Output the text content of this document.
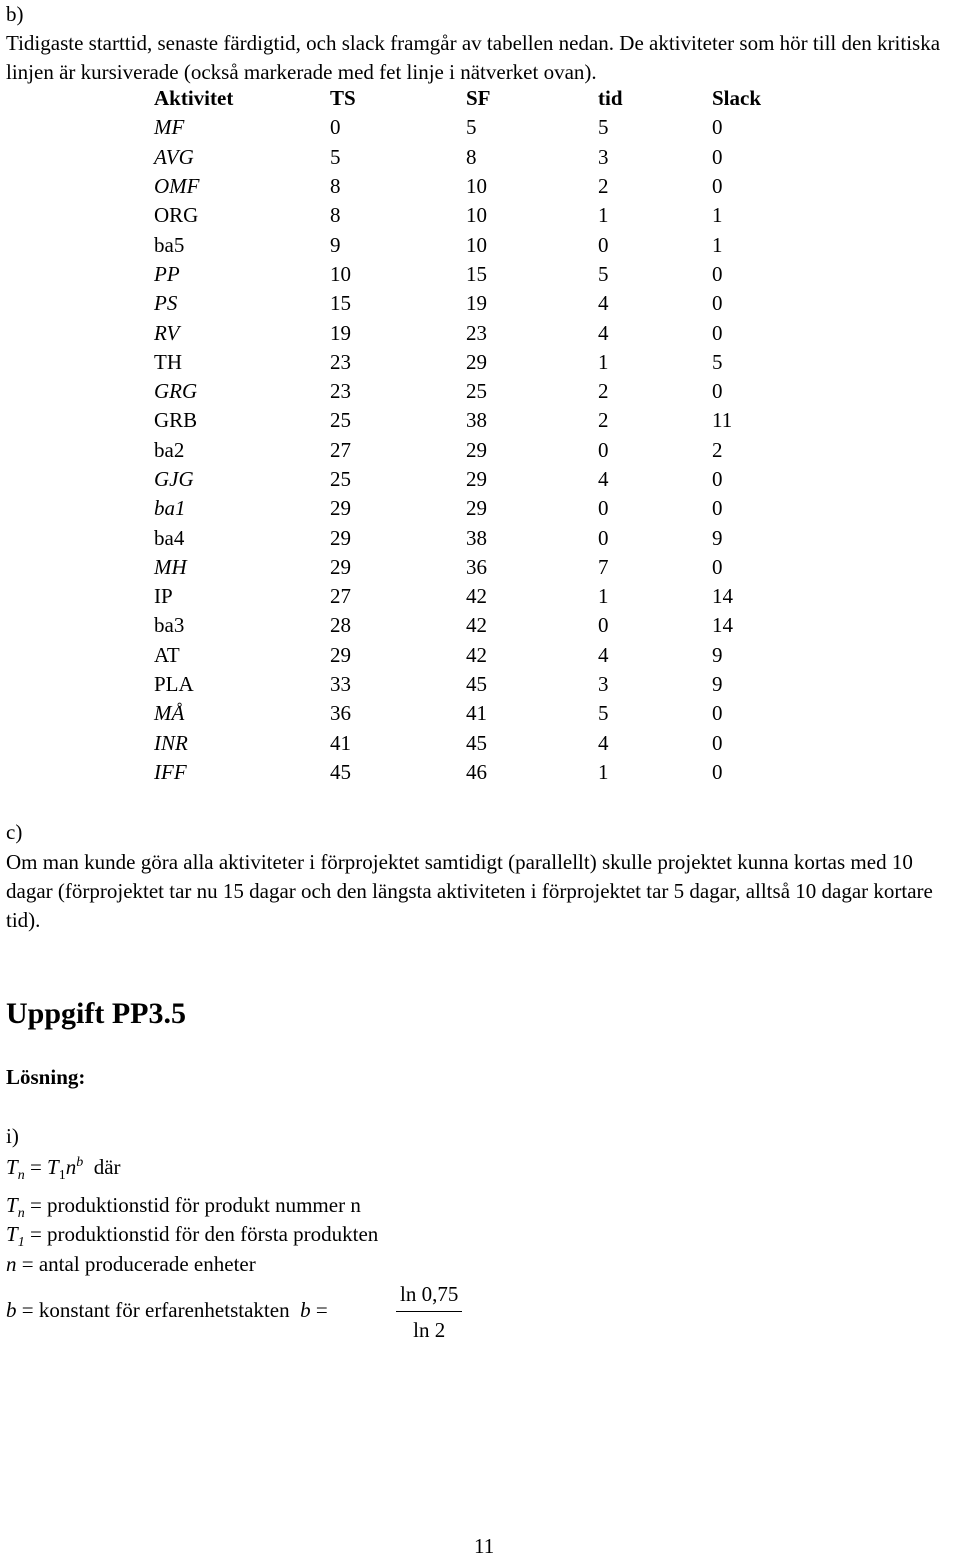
b)
Tidigaste starttid, senaste färdigtid, och slack framgår av tabellen nedan. De aktiviteter som hör till den kritiska linjen är kursiverade (också markerade med fet linje i nätverket ovan).
Aktivitet	TS	SF	tid	Slack
MF	0	5	5	0
AVG	5	8	3	0
OMF	8	10	2	0
ORG	8	10	1	1
ba5	9	10	0	1
PP	10	15	5	0
PS	15	19	4	0
RV	19	23	4	0
TH	23	29	1	5
GRG	23	25	2	0
GRB	25	38	2	11
ba2	27	29	0	2
GJG	25	29	4	0
ba1	29	29	0	0
ba4	29	38	0	9
MH	29	36	7	0
IP	27	42	1	14
ba3	28	42	0	14
AT	29	42	4	9
PLA	33	45	3	9
MÅ	36	41	5	0
INR	41	45	4	0
IFF	45	46	1	0
c)
Om man kunde göra alla aktiviteter i förprojektet samtidigt (parallellt) skulle projektet kunna kortas med 10 dagar (förprojektet tar nu 15 dagar och den längsta aktiviteten i förprojektet tar 5 dagar, alltså 10 dagar kortare tid).
Uppgift PP3.5
Lösning:
i)
$T_n = T_1n^b$ där
$T_n$ = produktionstid för produkt nummer n
$T_1$ = produktionstid för den första produkten
n = antal producerade enheter
b = konstant för erfarenhetstakten b =
ln 0,75
ln 2
11
